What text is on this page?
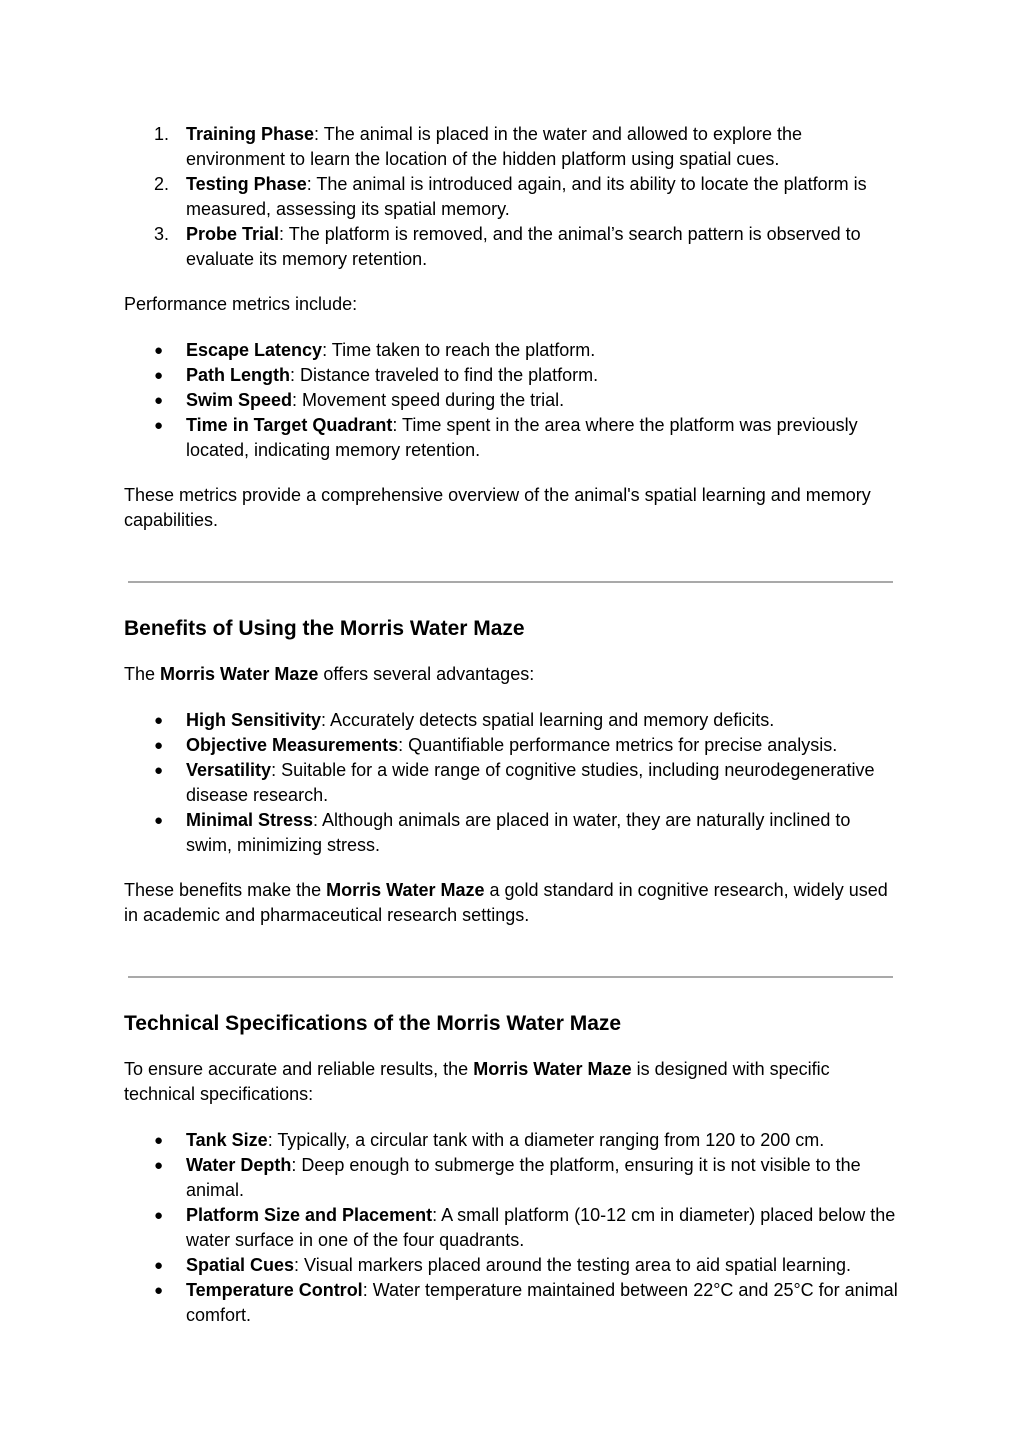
1. Training Phase: The animal is placed in the water and allowed to explore the environment to learn the location of the hidden platform using spatial cues.
2. Testing Phase: The animal is introduced again, and its ability to locate the platform is measured, assessing its spatial memory.
3. Probe Trial: The platform is removed, and the animal’s search pattern is observed to evaluate its memory retention.

Performance metrics include:

● Escape Latency: Time taken to reach the platform.
● Path Length: Distance traveled to find the platform.
● Swim Speed: Movement speed during the trial.
● Time in Target Quadrant: Time spent in the area where the platform was previously located, indicating memory retention.

These metrics provide a comprehensive overview of the animal's spatial learning and memory capabilities.

Benefits of Using the Morris Water Maze

The Morris Water Maze offers several advantages:

● High Sensitivity: Accurately detects spatial learning and memory deficits.
● Objective Measurements: Quantifiable performance metrics for precise analysis.
● Versatility: Suitable for a wide range of cognitive studies, including neurodegenerative disease research.
● Minimal Stress: Although animals are placed in water, they are naturally inclined to swim, minimizing stress.

These benefits make the Morris Water Maze a gold standard in cognitive research, widely used in academic and pharmaceutical research settings.

Technical Specifications of the Morris Water Maze

To ensure accurate and reliable results, the Morris Water Maze is designed with specific technical specifications:

● Tank Size: Typically, a circular tank with a diameter ranging from 120 to 200 cm.
● Water Depth: Deep enough to submerge the platform, ensuring it is not visible to the animal.
● Platform Size and Placement: A small platform (10-12 cm in diameter) placed below the water surface in one of the four quadrants.
● Spatial Cues: Visual markers placed around the testing area to aid spatial learning.
● Temperature Control: Water temperature maintained between 22°C and 25°C for animal comfort.
